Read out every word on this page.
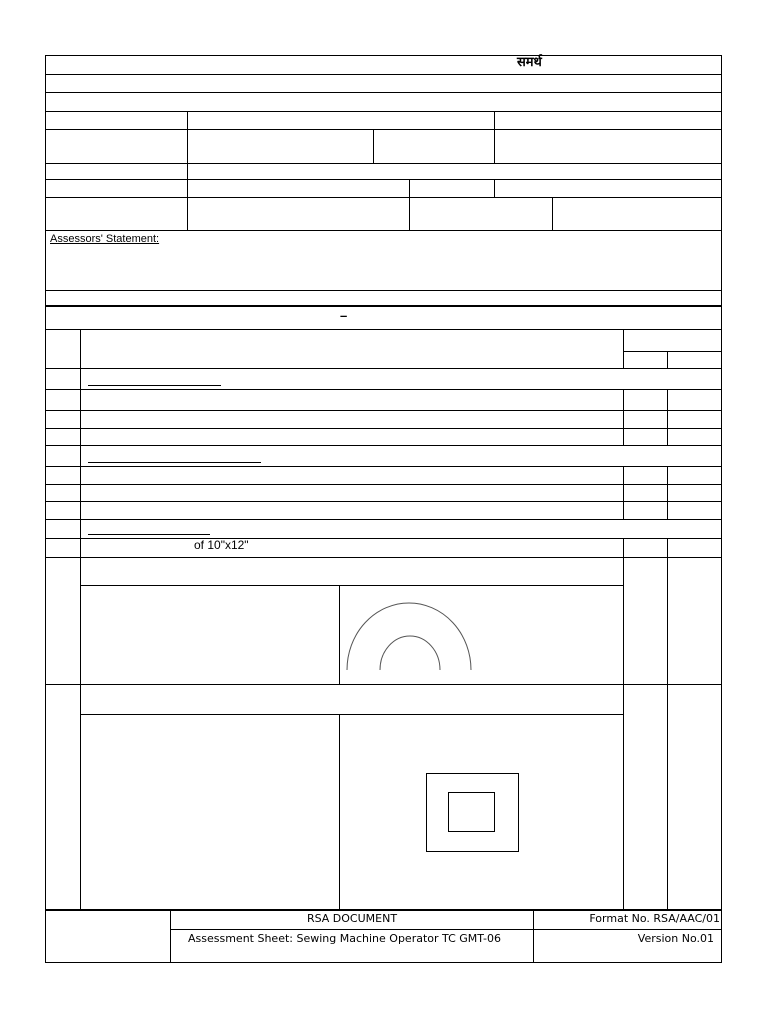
समर्थ
Assessors' Statement:
–
of 10"x12"
RSA DOCUMENT
Assessment Sheet: Sewing Machine Operator TC GMT-06
Format No. RSA/AAC/01
Version No.01
